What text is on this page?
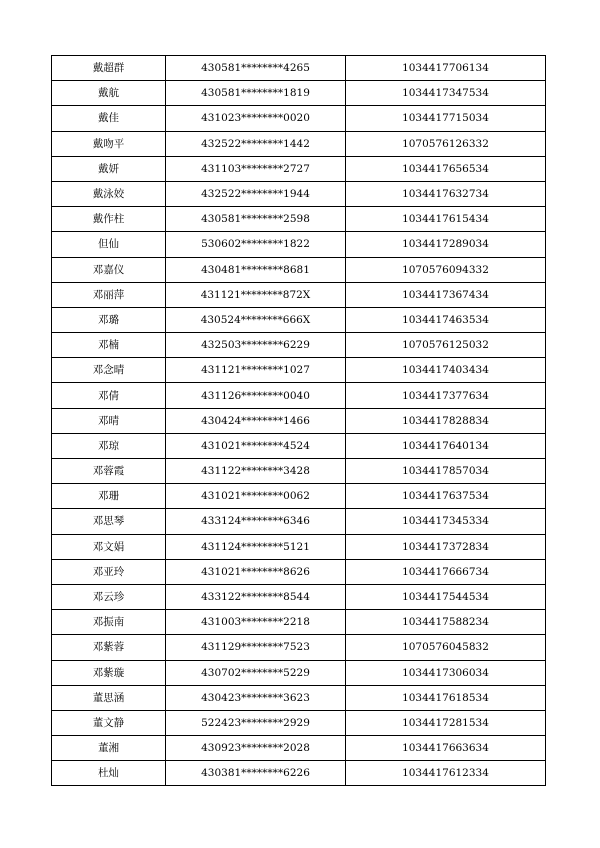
戴超群	430581********4265	1034417706134
戴航	430581********1819	1034417347534
戴佳	431023********0020	1034417715034
戴吻平	432522********1442	1070576126332
戴妍	431103********2727	1034417656534
戴泳姣	432522********1944	1034417632734
戴作柱	430581********2598	1034417615434
但仙	530602********1822	1034417289034
邓嘉仪	430481********8681	1070576094332
邓丽萍	431121********872X	1034417367434
邓璐	430524********666X	1034417463534
邓楠	432503********6229	1070576125032
邓念晴	431121********1027	1034417403434
邓倩	431126********0040	1034417377634
邓晴	430424********1466	1034417828834
邓琼	431021********4524	1034417640134
邓蓉霞	431122********3428	1034417857034
邓珊	431021********0062	1034417637534
邓思琴	433124********6346	1034417345334
邓文娟	431124********5121	1034417372834
邓亚玲	431021********8626	1034417666734
邓云珍	433122********8544	1034417544534
邓振南	431003********2218	1034417588234
邓紫蓉	431129********7523	1070576045832
邓紫璇	430702********5229	1034417306034
董思涵	430423********3623	1034417618534
董文静	522423********2929	1034417281534
董湘	430923********2028	1034417663634
杜灿	430381********6226	1034417612334
